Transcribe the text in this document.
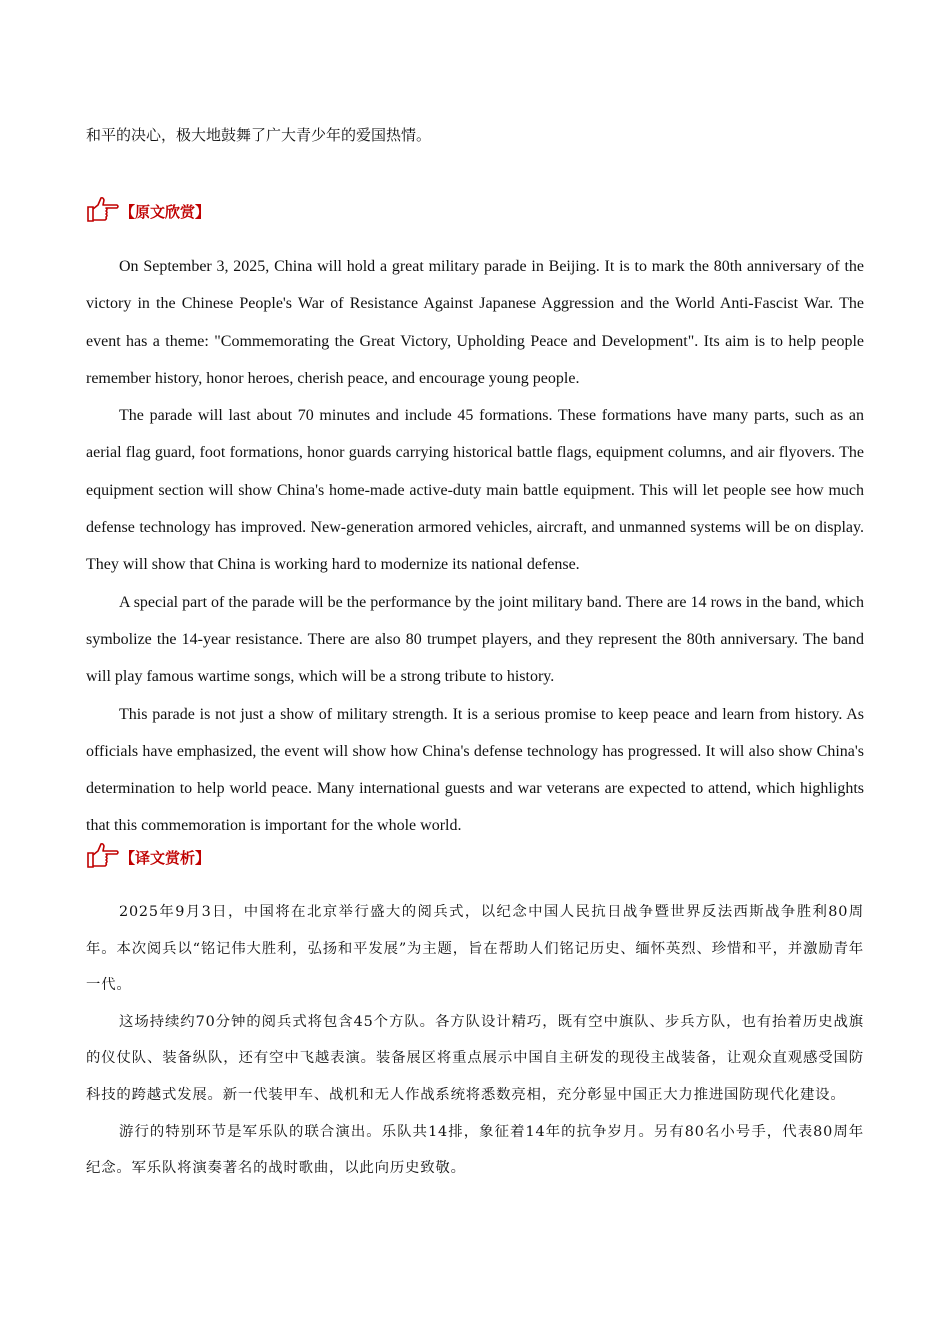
和平的决心，极大地鼓舞了广大青少年的爱国热情。
【原文欣赏】

On September 3, 2025, China will hold a great military parade in Beijing. It is to mark the 80th anniversary of the victory in the Chinese People's War of Resistance Against Japanese Aggression and the World Anti-Fascist War. The event has a theme: "Commemorating the Great Victory, Upholding Peace and Development". Its aim is to help people remember history, honor heroes, cherish peace, and encourage young people.

The parade will last about 70 minutes and include 45 formations. These formations have many parts, such as an aerial flag guard, foot formations, honor guards carrying historical battle flags, equipment columns, and air flyovers. The equipment section will show China's home-made active-duty main battle equipment. This will let people see how much defense technology has improved. New-generation armored vehicles, aircraft, and unmanned systems will be on display. They will show that China is working hard to modernize its national defense.

A special part of the parade will be the performance by the joint military band. There are 14 rows in the band, which symbolize the 14-year resistance. There are also 80 trumpet players, and they represent the 80th anniversary. The band will play famous wartime songs, which will be a strong tribute to history.

This parade is not just a show of military strength. It is a serious promise to keep peace and learn from history. As officials have emphasized, the event will show how China's defense technology has progressed. It will also show China's determination to help world peace. Many international guests and war veterans are expected to attend, which highlights that this commemoration is important for the whole world.

【译文赏析】

2025年9月3日，中国将在北京举行盛大的阅兵式，以纪念中国人民抗日战争暨世界反法西斯战争胜利80周年。本次阅兵以“铭记伟大胜利，弘扬和平发展”为主题，旨在帮助人们铭记历史、缅怀英烈、珍惜和平，并激励青年一代。

这场持续约70分钟的阅兵式将包含45个方队。各方队设计精巧，既有空中旗队、步兵方队，也有抬着历史战旗的仪仗队、装备纵队，还有空中飞越表演。装备展区将重点展示中国自主研发的现役主战装备，让观众直观感受国防科技的跨越式发展。新一代装甲车、战机和无人作战系统将悉数亮相，充分彰显中国正大力推进国防现代化建设。

游行的特别环节是军乐队的联合演出。乐队共14排，象征着14年的抗争岁月。另有80名小号手，代表80周年纪念。军乐队将演奏著名的战时歌曲，以此向历史致敬。
